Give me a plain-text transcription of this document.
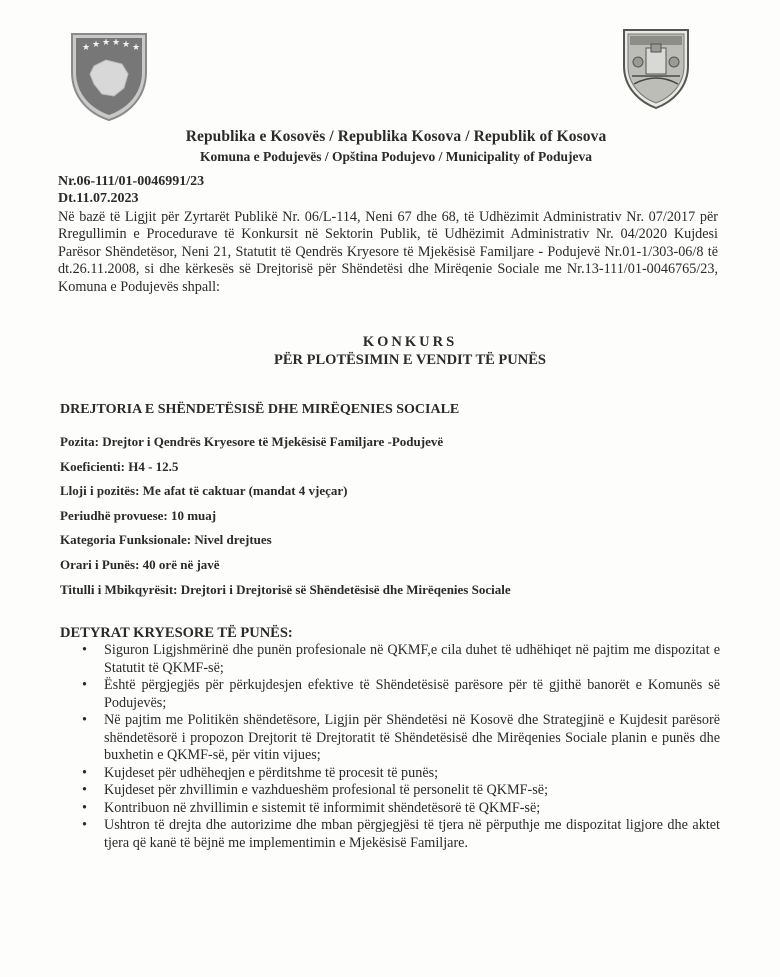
★ ★ ★ ★ ★ ★
Republika e Kosovës / Republika Kosova / Republik of Kosova
Komuna e Podujevës / Opština Podujevo / Municipality of Podujeva
Nr.06-111/01-0046991/23
Dt.11.07.2023
Në bazë të Ligjit për Zyrtarët Publikë Nr. 06/L-114, Neni 67 dhe 68, të Udhëzimit Administrativ Nr. 07/2017 për Rregullimin e Procedurave të Konkursit në Sektorin Publik, të Udhëzimit Administrativ Nr. 04/2020 Kujdesi Parësor Shëndetësor, Neni 21, Statutit të Qendrës Kryesore të Mjekësisë Familjare - Podujevë Nr.01-1/303-06/8 të dt.26.11.2008, si dhe kërkesës së Drejtorisë për Shëndetësi dhe Mirëqenie Sociale me Nr.13-111/01-0046765/23, Komuna e Podujevës shpall:
KONKURS
PËR PLOTËSIMIN E VENDIT TË PUNËS
DREJTORIA E SHËNDETËSISË DHE MIRËQENIES SOCIALE
Pozita: Drejtor i Qendrës Kryesore të Mjekësisë Familjare -Podujevë
Koeficienti: H4 - 12.5
Lloji i pozitës: Me afat të caktuar (mandat 4 vjeçar)
Periudhë provuese: 10 muaj
Kategoria Funksionale: Nivel drejtues
Orari i Punës: 40 orë në javë
Titulli i Mbikqyrësit: Drejtori i Drejtorisë së Shëndetësisë dhe Mirëqenies Sociale
DETYRAT KRYESORE TË PUNËS:
• Siguron Ligjshmërinë dhe punën profesionale në QKMF,e cila duhet të udhëhiqet në pajtim me dispozitat e Statutit të QKMF-së;
• Është përgjegjës për përkujdesjen efektive të Shëndetësisë parësore për të gjithë banorët e Komunës së Podujevës;
• Në pajtim me Politikën shëndetësore, Ligjin për Shëndetësi në Kosovë dhe Strategjinë e Kujdesit parësorë shëndetësorë i propozon Drejtorit të Drejtoratit të Shëndetësisë dhe Mirëqenies Sociale planin e punës dhe buxhetin e QKMF-së, për vitin vijues;
• Kujdeset për udhëheqjen e përditshme të procesit të punës;
• Kujdeset për zhvillimin e vazhdueshëm profesional të personelit të QKMF-së;
• Kontribuon në zhvillimin e sistemit të informimit shëndetësorë të QKMF-së;
• Ushtron të drejta dhe autorizime dhe mban përgjegjësi të tjera në përputhje me dispozitat ligjore dhe aktet tjera që kanë të bëjnë me implementimin e Mjekësisë Familjare.
